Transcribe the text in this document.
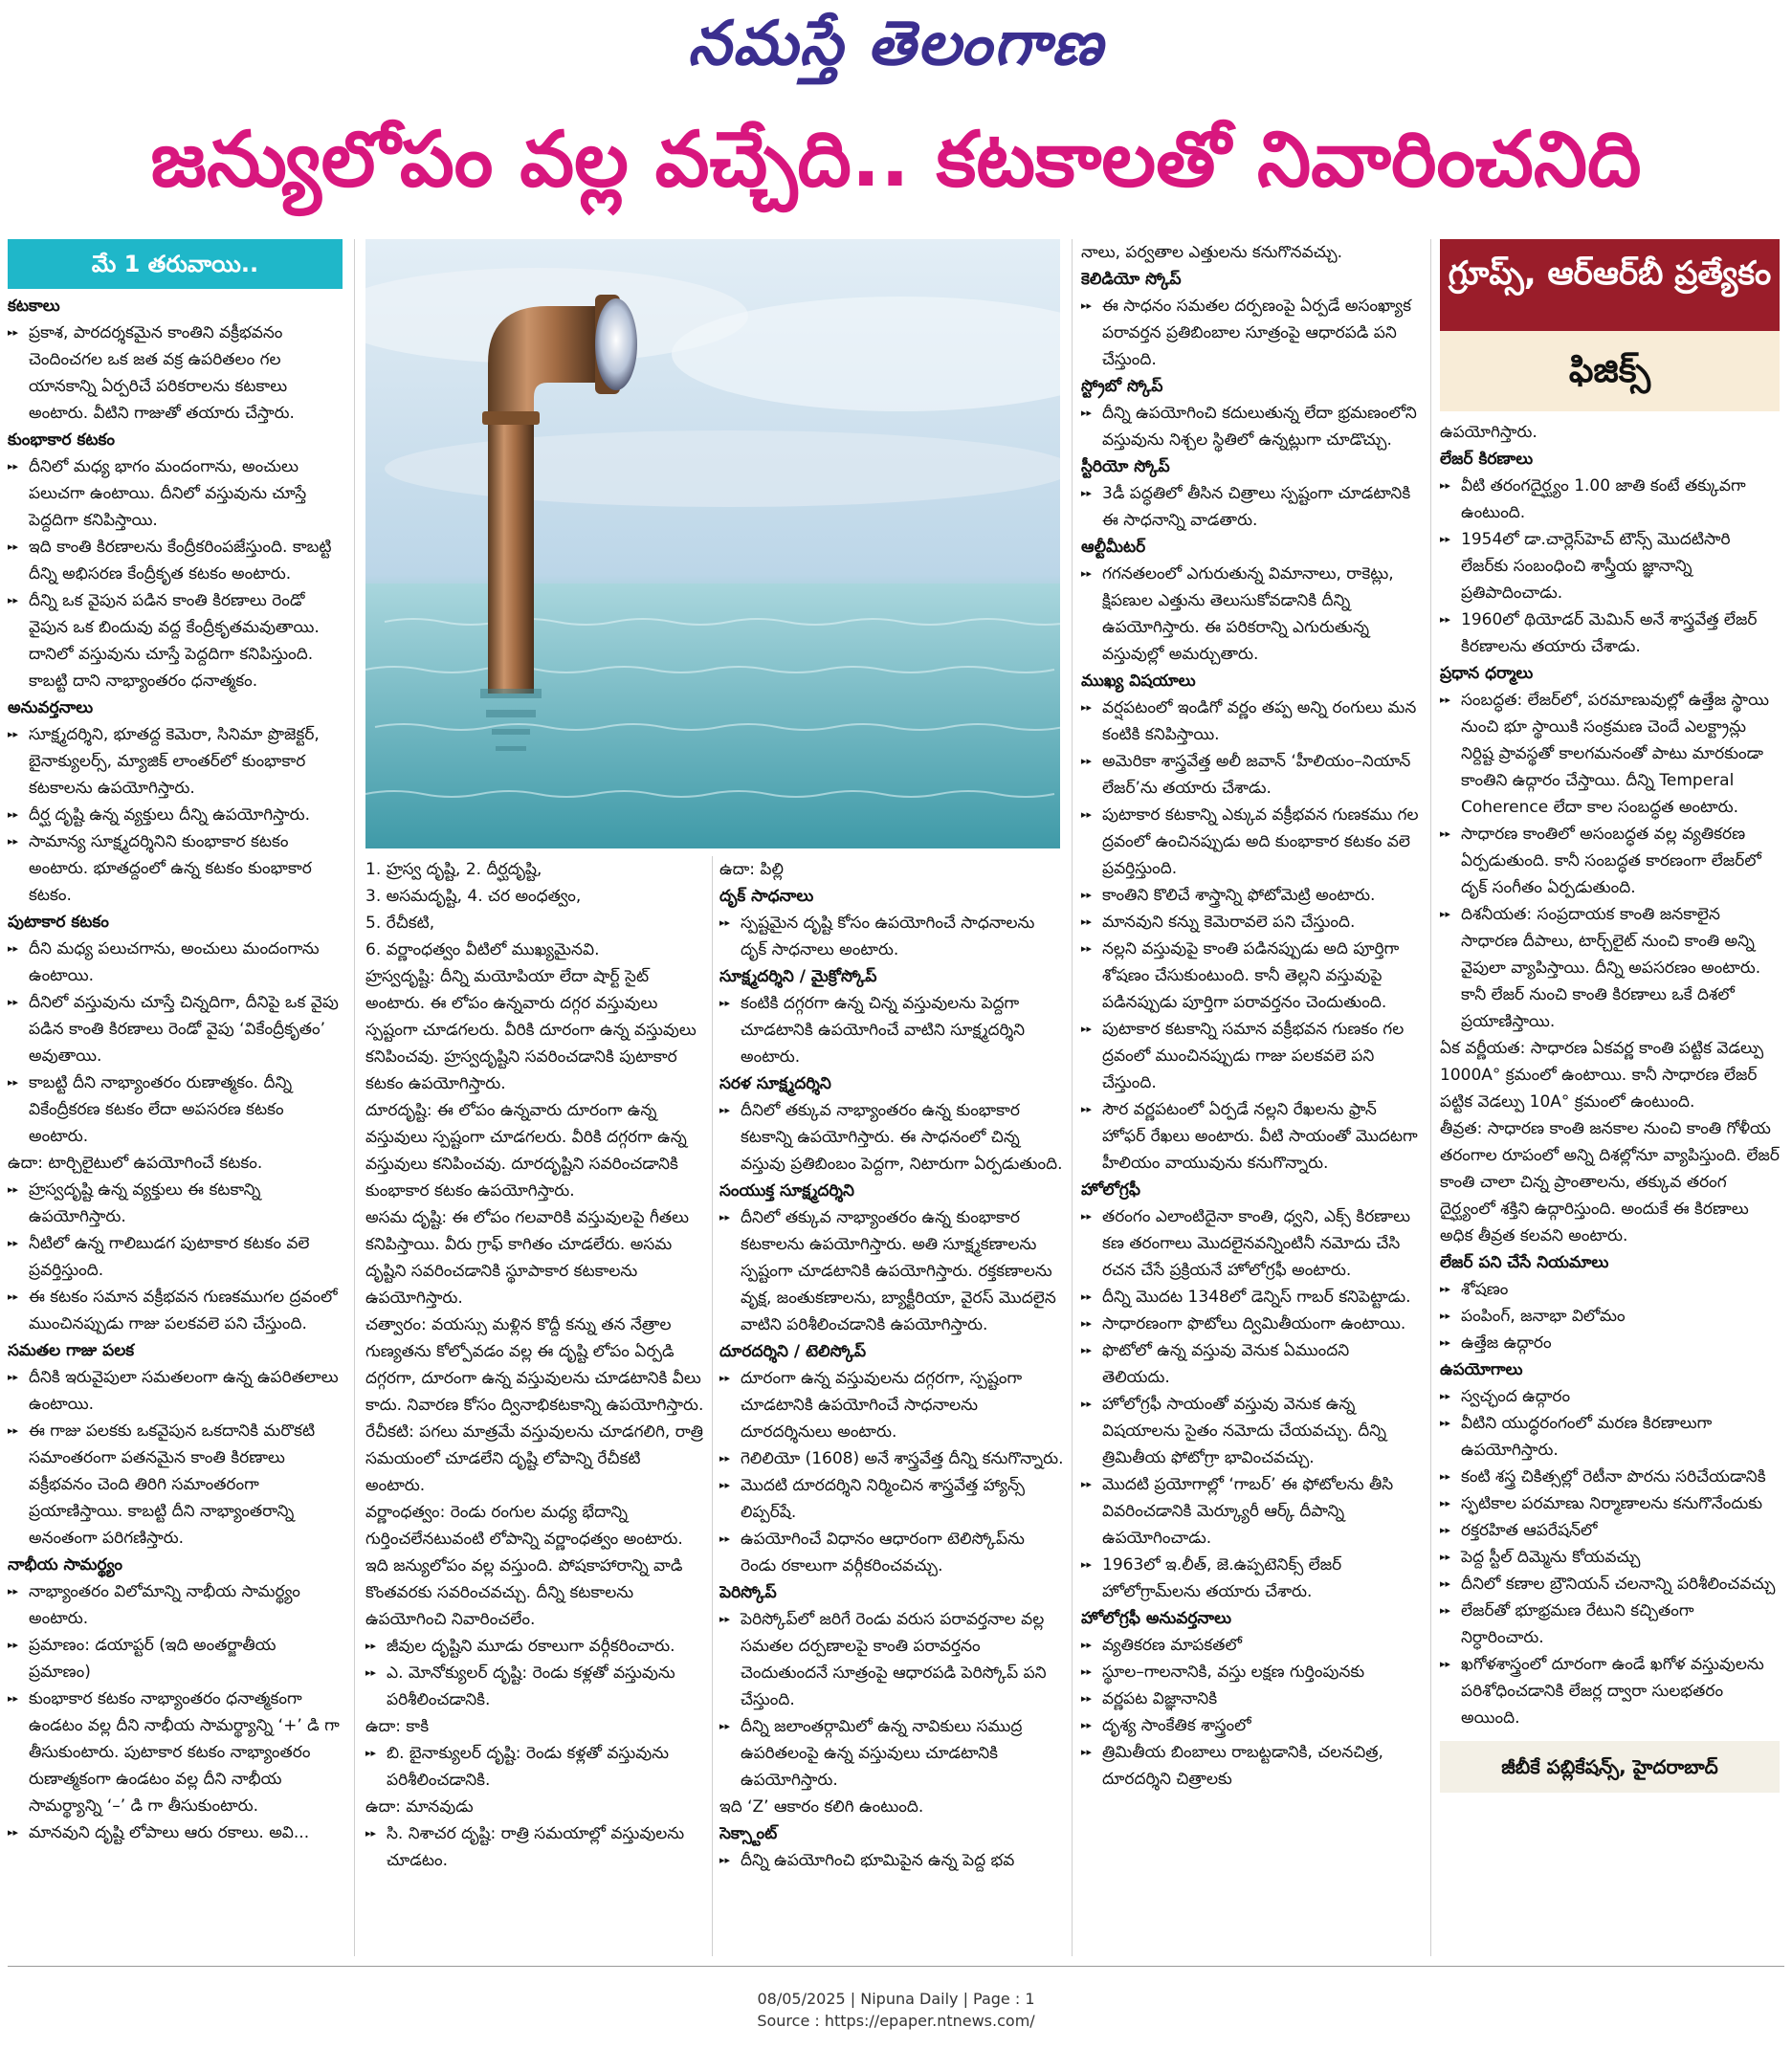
నమస్తే తెలంగాణ
జన్యులోపం వల్ల వచ్చేది.. కటకాలతో నివారించనిది
మే 1 తరువాయి..

కటకాలు

▸▸ ప్రకాశ, పారదర్శకమైన కాంతిని వక్రీభవనం చెందించగల ఒక జత వక్ర ఉపరితలం గల యానకాన్ని ఏర్పరిచే పరికరాలను కటకాలు అంటారు. వీటిని గాజుతో తయారు చేస్తారు.

కుంభాకార కటకం

▸▸ దీనిలో మధ్య భాగం మందంగాను, అంచులు పలుచగా ఉంటాయి. దీనిలో వస్తువును చూస్తే పెద్దదిగా కనిపిస్తాయి.

▸▸ ఇది కాంతి కిరణాలను కేంద్రీకరింపజేస్తుంది. కాబట్టి దీన్ని అభిసరణ కేంద్రీకృత కటకం అంటారు.

▸▸ దీన్ని ఒక వైపున పడిన కాంతి కిరణాలు రెండో వైపున ఒక బిందువు వద్ద కేంద్రీకృతమవుతాయి. దానిలో వస్తువును చూస్తే పెద్దదిగా కనిపిస్తుంది. కాబట్టి దాని నాభ్యాంతరం ధనాత్మకం.

అనువర్తనాలు

▸▸ సూక్ష్మదర్శిని, భూతద్ద కెమెరా, సినిమా ప్రొజెక్టర్, బైనాక్యులర్స్, మ్యాజిక్ లాంతర్‌లో కుంభాకార కటకాలను ఉపయోగిస్తారు.

▸▸ దీర్ఘ దృష్టి ఉన్న వ్యక్తులు దీన్ని ఉపయోగిస్తారు.

▸▸ సామాన్య సూక్ష్మదర్శినిని కుంభాకార కటకం అంటారు. భూతద్దంలో ఉన్న కటకం కుంభాకార కటకం.

పుటాకార కటకం

▸▸ దీని మధ్య పలుచగాను, అంచులు మందంగాను ఉంటాయి.

▸▸ దీనిలో వస్తువును చూస్తే చిన్నదిగా, దీనిపై ఒక వైపు పడిన కాంతి కిరణాలు రెండో వైపు ‘వికేంద్రీకృతం’ అవుతాయి.

▸▸ కాబట్టి దీని నాభ్యాంతరం రుణాత్మకం. దీన్ని వికేంద్రీకరణ కటకం లేదా అపసరణ కటకం అంటారు.

ఉదా: టార్చిలైటులో ఉపయోగించే కటకం.

▸▸ హ్రస్వదృష్టి ఉన్న వ్యక్తులు ఈ కటకాన్ని ఉపయోగిస్తారు.

▸▸ నీటిలో ఉన్న గాలిబుడగ పుటాకార కటకం వలె ప్రవర్తిస్తుంది.

▸▸ ఈ కటకం సమాన వక్రీభవన గుణకముగల ద్రవంలో ముంచినప్పుడు గాజు పలకవలె పని చేస్తుంది.

సమతల గాజు పలక

▸▸ దీనికి ఇరువైపులా సమతలంగా ఉన్న ఉపరితలాలు ఉంటాయి.

▸▸ ఈ గాజు పలకకు ఒకవైపున ఒకదానికి మరొకటి సమాంతరంగా పతనమైన కాంతి కిరణాలు వక్రీభవనం చెంది తిరిగి సమాంతరంగా ప్రయాణిస్తాయి. కాబట్టి దీని నాభ్యాంతరాన్ని అనంతంగా పరిగణిస్తారు.

నాభీయ సామర్థ్యం

▸▸ నాభ్యాంతరం విలోమాన్ని నాభీయ సామర్థ్యం అంటారు.

▸▸ ప్రమాణం: డయాప్టర్ (ఇది అంతర్జాతీయ ప్రమాణం)

▸▸ కుంభాకార కటకం నాభ్యాంతరం ధనాత్మకంగా ఉండటం వల్ల దీని నాభీయ సామర్థ్యాన్ని ‘+’ డి గా తీసుకుంటారు. పుటాకార కటకం నాభ్యాంతరం రుణాత్మకంగా ఉండటం వల్ల దీని నాభీయ సామర్థ్యాన్ని ‘–’ డి గా తీసుకుంటారు.

▸▸ మానవుని దృష్టి లోపాలు ఆరు రకాలు. అవి...

1. హ్రస్వ దృష్టి, 2. దీర్ఘదృష్టి,

3. అసమదృష్టి, 4. చర అంధత్వం,

5. రేచీకటి,

6. వర్ణాంధత్వం వీటిలో ముఖ్యమైనవి.

హ్రస్వదృష్టి: దీన్ని మయోపియా లేదా షార్ట్ సైట్ అంటారు. ఈ లోపం ఉన్నవారు దగ్గర వస్తువులు స్పష్టంగా చూడగలరు. వీరికి దూరంగా ఉన్న వస్తువులు కనిపించవు. హ్రస్వదృష్టిని సవరించడానికి పుటాకార కటకం ఉపయోగిస్తారు.

దూరదృష్టి: ఈ లోపం ఉన్నవారు దూరంగా ఉన్న వస్తువులు స్పష్టంగా చూడగలరు. వీరికి దగ్గరగా ఉన్న వస్తువులు కనిపించవు. దూరదృష్టిని సవరించడానికి కుంభాకార కటకం ఉపయోగిస్తారు.

అసమ దృష్టి: ఈ లోపం గలవారికి వస్తువులపై గీతలు కనిపిస్తాయి. వీరు గ్రాఫ్ కాగితం చూడలేరు. అసమ దృష్టిని సవరించడానికి స్థూపాకార కటకాలను ఉపయోగిస్తారు.

చత్వారం: వయస్సు మళ్లిన కొద్దీ కన్ను తన నేత్రాల గుణ్యతను కోల్పోవడం వల్ల ఈ దృష్టి లోపం ఏర్పడి దగ్గరగా, దూరంగా ఉన్న వస్తువులను చూడటానికి వీలు కాదు. నివారణ కోసం ద్వినాభికటకాన్ని ఉపయోగిస్తారు.

రేచీకటి: పగలు మాత్రమే వస్తువులను చూడగలిగి, రాత్రి సమయంలో చూడలేని దృష్టి లోపాన్ని రేచీకటి అంటారు.

వర్ణాంధత్వం: రెండు రంగుల మధ్య భేదాన్ని గుర్తించలేనటువంటి లోపాన్ని వర్ణాంధత్వం అంటారు. ఇది జన్యులోపం వల్ల వస్తుంది. పోషకాహారాన్ని వాడి కొంతవరకు సవరించవచ్చు. దీన్ని కటకాలను ఉపయోగించి నివారించలేం.

▸▸ జీవుల దృష్టిని మూడు రకాలుగా వర్గీకరించారు.

▸▸ ఎ. మోనోక్యులర్ దృష్టి: రెండు కళ్లతో వస్తువును పరిశీలించడానికి.

ఉదా: కాకి

▸▸ బి. బైనాక్యులర్ దృష్టి: రెండు కళ్లతో వస్తువును పరిశీలించడానికి.

ఉదా: మానవుడు

▸▸ సి. నిశాచర దృష్టి: రాత్రి సమయాల్లో వస్తువులను చూడటం.

ఉదా: పిల్లి

దృక్ సాధనాలు

▸▸ స్పష్టమైన దృష్టి కోసం ఉపయోగించే సాధనాలను దృక్ సాధనాలు అంటారు.

సూక్ష్మదర్శిని / మైక్రోస్కోప్

▸▸ కంటికి దగ్గరగా ఉన్న చిన్న వస్తువులను పెద్దగా చూడటానికి ఉపయోగించే వాటిని సూక్ష్మదర్శిని అంటారు.

సరళ సూక్ష్మదర్శిని

▸▸ దీనిలో తక్కువ నాభ్యాంతరం ఉన్న కుంభాకార కటకాన్ని ఉపయోగిస్తారు. ఈ సాధనంలో చిన్న వస్తువు ప్రతిబింబం పెద్దగా, నిటారుగా ఏర్పడుతుంది.

సంయుక్త సూక్ష్మదర్శిని

▸▸ దీనిలో తక్కువ నాభ్యాంతరం ఉన్న కుంభాకార కటకాలను ఉపయోగిస్తారు. అతి సూక్ష్మకణాలను స్పష్టంగా చూడటానికి ఉపయోగిస్తారు. రక్తకణాలను వృక్ష, జంతుకణాలను, బ్యాక్టీరియా, వైరస్ మొదలైన వాటిని పరిశీలించడానికి ఉపయోగిస్తారు.

దూరదర్శిని / టెలిస్కోప్

▸▸ దూరంగా ఉన్న వస్తువులను దగ్గరగా, స్పష్టంగా చూడటానికి ఉపయోగించే సాధనాలను దూరదర్శినులు అంటారు.

▸▸ గెలిలియో (1608) అనే శాస్త్రవేత్త దీన్ని కనుగొన్నారు.

▸▸ మొదటి దూరదర్శిని నిర్మించిన శాస్త్రవేత్త హ్యాన్స్ లిప్పర్‌షే.

▸▸ ఉపయోగించే విధానం ఆధారంగా టెలిస్కోప్‌ను రెండు రకాలుగా వర్గీకరించవచ్చు.

పెరిస్కోప్

▸▸ పెరిస్కోప్‌లో జరిగే రెండు వరుస పరావర్తనాల వల్ల సమతల దర్పణాలపై కాంతి పరావర్తనం చెందుతుందనే సూత్రంపై ఆధారపడి పెరిస్కోప్ పని చేస్తుంది.

▸▸ దీన్ని జలాంతర్గామిలో ఉన్న నావికులు సముద్ర ఉపరితలంపై ఉన్న వస్తువులు చూడటానికి ఉపయోగిస్తారు.

ఇది ‘Z’ ఆకారం కలిగి ఉంటుంది.

సెక్స్టాంట్

▸▸ దీన్ని ఉపయోగించి భూమిపైన ఉన్న పెద్ద భవ

నాలు, పర్వతాల ఎత్తులను కనుగొనవచ్చు.

కెలిడియో స్కోప్

▸▸ ఈ సాధనం సమతల దర్పణంపై ఏర్పడే అసంఖ్యాక పరావర్తన ప్రతిబింబాల సూత్రంపై ఆధారపడి పని చేస్తుంది.

స్ట్రోబో స్కోప్

▸▸ దీన్ని ఉపయోగించి కదులుతున్న లేదా భ్రమణంలోని వస్తువును నిశ్చల స్థితిలో ఉన్నట్లుగా చూడొచ్చు.

స్టీరియో స్కోప్

▸▸ 3డీ పద్ధతిలో తీసిన చిత్రాలు స్పష్టంగా చూడటానికి ఈ సాధనాన్ని వాడతారు.

ఆల్టీమీటర్

▸▸ గగనతలంలో ఎగురుతున్న విమానాలు, రాకెట్లు, క్షిపణుల ఎత్తును తెలుసుకోవడానికి దీన్ని ఉపయోగిస్తారు. ఈ పరికరాన్ని ఎగురుతున్న వస్తువుల్లో అమర్చుతారు.

ముఖ్య విషయాలు

▸▸ వర్షపటంలో ఇండిగో వర్ణం తప్ప అన్ని రంగులు మన కంటికి కనిపిస్తాయి.

▸▸ అమెరికా శాస్త్రవేత్త అలీ జవాన్ ‘హీలియం–నియాన్ లేజర్’ను తయారు చేశాడు.

▸▸ పుటాకార కటకాన్ని ఎక్కువ వక్రీభవన గుణకము గల ద్రవంలో ఉంచినప్పుడు అది కుంభాకార కటకం వలె ప్రవర్తిస్తుంది.

▸▸ కాంతిని కొలిచే శాస్త్రాన్ని ఫోటోమెట్రి అంటారు.

▸▸ మానవుని కన్ను కెమెరావలె పని చేస్తుంది.

▸▸ నల్లని వస్తువుపై కాంతి పడినప్పుడు అది పూర్తిగా శోషణం చేసుకుంటుంది. కానీ తెల్లని వస్తువుపై పడినప్పుడు పూర్తిగా పరావర్తనం చెందుతుంది.

▸▸ పుటాకార కటకాన్ని సమాన వక్రీభవన గుణకం గల ద్రవంలో ముంచినప్పుడు గాజు పలకవలె పని చేస్తుంది.

▸▸ సౌర వర్ణపటంలో ఏర్పడే నల్లని రేఖలను ఫ్రాన్ హోఫర్ రేఖలు అంటారు. వీటి సాయంతో మొదటగా హీలియం వాయువును కనుగొన్నారు.

హోలోగ్రఫీ

▸▸ తరంగం ఎలాంటిదైనా కాంతి, ధ్వని, ఎక్స్ కిరణాలు కణ తరంగాలు మొదలైనవన్నింటినీ నమోదు చేసి రచన చేసే ప్రక్రియనే హోలోగ్రఫీ అంటారు.

▸▸ దీన్ని మొదట 1348లో డెన్నిస్ గాబర్ కనిపెట్టాడు.

▸▸ సాధారణంగా ఫొటోలు ద్విమితీయంగా ఉంటాయి.

▸▸ ఫొటోలో ఉన్న వస్తువు వెనుక ఏముందని తెలియదు.

▸▸ హోలోగ్రఫీ సాయంతో వస్తువు వెనుక ఉన్న విషయాలను సైతం నమోదు చేయవచ్చు. దీన్ని త్రిమితీయ ఫోటోగ్రా భావించవచ్చు.

▸▸ మొదటి ప్రయోగాల్లో ‘గాబర్’ ఈ ఫోటోలను తీసి వివరించడానికి మెర్క్యూరీ ఆర్క్ దీపాన్ని ఉపయోగించాడు.

▸▸ 1963లో ఇ.లీత్, జె.ఉప్పటెనిక్స్ లేజర్ హోలోగ్రామ్‌లను తయారు చేశారు.

హోలోగ్రఫీ అనువర్తనాలు

▸▸ వ్యతికరణ మాపకతలో

▸▸ స్థూల–గాలనానికి, వస్తు లక్షణ గుర్తింపునకు

▸▸ వర్ణపట విజ్ఞానానికి

▸▸ దృశ్య సాంకేతిక శాస్త్రంలో

▸▸ త్రిమితీయ బింబాలు రాబట్టడానికి, చలనచిత్ర, దూరదర్శిని చిత్రాలకు

గ్రూప్స్, ఆర్‌ఆర్‌బీ ప్రత్యేకం
ఫిజిక్స్

ఉపయోగిస్తారు.

లేజర్ కిరణాలు

▸▸ వీటి తరంగదైర్ఘ్యం 1.00 జాతి కంటే తక్కువగా ఉంటుంది.

▸▸ 1954లో డా.చార్లెస్‌హెచ్ టౌన్స్ మొదటిసారి లేజర్‌కు సంబంధించి శాస్త్రీయ జ్ఞానాన్ని ప్రతిపాదించాడు.

▸▸ 1960లో థియోడర్ మెమిన్ అనే శాస్త్రవేత్త లేజర్ కిరణాలను తయారు చేశాడు.

ప్రధాన ధర్మాలు

▸▸ సంబద్ధత: లేజర్‌లో, పరమాణువుల్లో ఉత్తేజ స్థాయి నుంచి భూ స్థాయికి సంక్రమణ చెందే ఎలక్ట్రాన్లు నిర్దిష్ట ప్రావస్థతో కాలగమనంతో పాటు మారకుండా కాంతిని ఉద్గారం చేస్తాయి. దీన్ని Temperal Coherence లేదా కాల సంబద్ధత అంటారు.

▸▸ సాధారణ కాంతిలో అసంబద్ధత వల్ల వ్యతికరణ ఏర్పడుతుంది. కానీ సంబద్ధత కారణంగా లేజర్‌లో దృక్ సంగీతం ఏర్పడుతుంది.

▸▸ దిశనీయత: సంప్రదాయక కాంతి జనకాలైన సాధారణ దీపాలు, టార్చ్‌లైట్ నుంచి కాంతి అన్ని వైపులా వ్యాపిస్తాయి. దీన్ని అపసరణం అంటారు. కానీ లేజర్ నుంచి కాంతి కిరణాలు ఒకే దిశలో ప్రయాణిస్తాయి.

ఏక వర్ణీయత: సాధారణ ఏకవర్ణ కాంతి పట్టిక వెడల్పు 1000A° క్రమంలో ఉంటాయి. కానీ సాధారణ లేజర్ పట్టిక వెడల్పు 10A° క్రమంలో ఉంటుంది.

తీవ్రత: సాధారణ కాంతి జనకాల నుంచి కాంతి గోళీయ తరంగాల రూపంలో అన్ని దిశల్లోనూ వ్యాపిస్తుంది. లేజర్ కాంతి చాలా చిన్న ప్రాంతాలను, తక్కువ తరంగ దైర్ఘ్యంలో శక్తిని ఉద్గారిస్తుంది. అందుకే ఈ కిరణాలు అధిక తీవ్రత కలవని అంటారు.

లేజర్ పని చేసే నియమాలు

▸▸ శోషణం

▸▸ పంపింగ్, జనాభా విలోమం

▸▸ ఉత్తేజ ఉద్గారం

ఉపయోగాలు

▸▸ స్వచ్ఛంద ఉద్గారం

▸▸ వీటిని యుద్ధరంగంలో మరణ కిరణాలుగా ఉపయోగిస్తారు.

▸▸ కంటి శస్త్ర చికిత్సల్లో రెటీనా పొరను సరిచేయడానికి

▸▸ స్ఫటికాల పరమాణు నిర్మాణాలను కనుగొనేందుకు

▸▸ రక్తరహిత ఆపరేషన్‌లో

▸▸ పెద్ద స్టీల్ దిమ్మెను కోయవచ్చు

▸▸ దీనిలో కణాల బ్రౌనియన్ చలనాన్ని పరిశీలించవచ్చు

▸▸ లేజర్‌తో భూభ్రమణ రేటుని కచ్చితంగా నిర్ధారించారు.

▸▸ ఖగోళశాస్త్రంలో దూరంగా ఉండే ఖగోళ వస్తువులను పరిశోధించడానికి లేజర్ల ద్వారా సులభతరం అయింది.

జీబీకే పబ్లికేషన్స్, హైదరాబాద్
08/05/2025 | Nipuna Daily | Page : 1
Source : https://epaper.ntnews.com/
